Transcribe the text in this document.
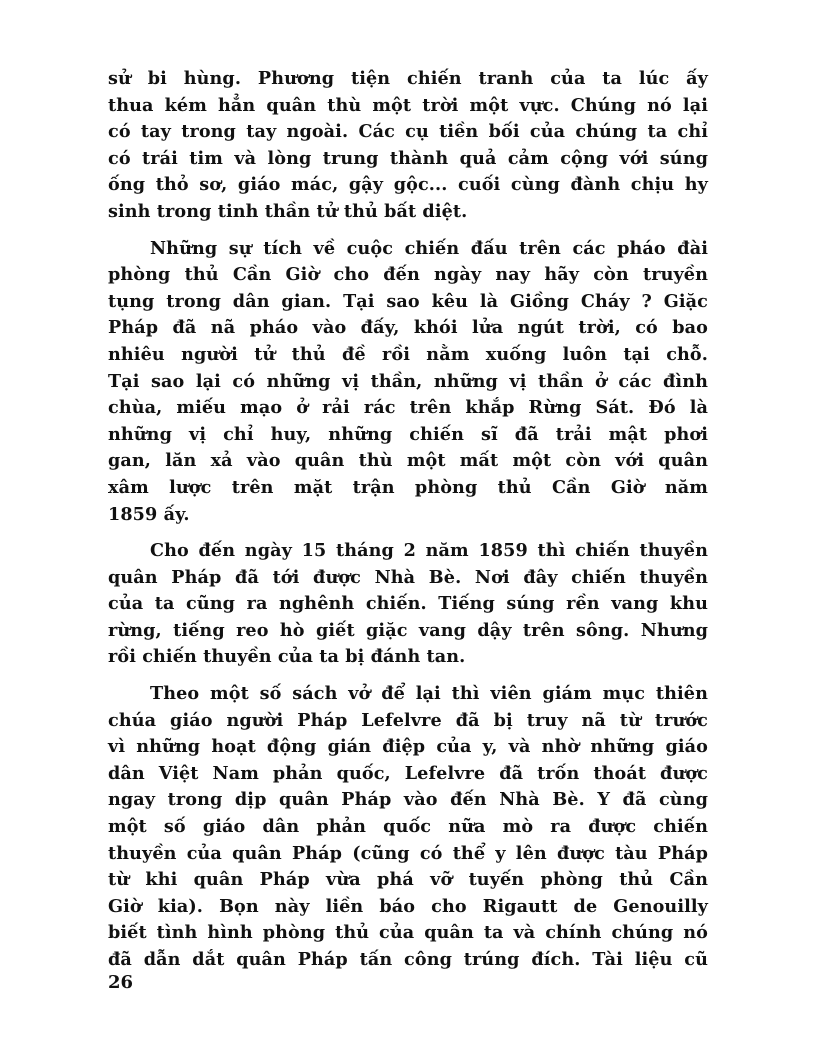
sử bi hùng. Phương tiện chiến tranh của ta lúc ấy
thua kém hẳn quân thù một trời một vực. Chúng nó lại
có tay trong tay ngoài. Các cụ tiền bối của chúng ta chỉ
có trái tim và lòng trung thành quả cảm cộng với súng
ống thỏ sơ, giáo mác, gậy gộc... cuối cùng đành chịu hy
sinh trong tinh thần tử thủ bất diệt.
Những sự tích về cuộc chiến đấu trên các pháo đài
phòng thủ Cần Giờ cho đến ngày nay hãy còn truyền
tụng trong dân gian. Tại sao kêu là Giồng Cháy ? Giặc
Pháp đã nã pháo vào đấy, khói lửa ngút trời, có bao
nhiêu người tử thủ đề rồi nằm xuống luôn tại chỗ.
Tại sao lại có những vị thần, những vị thần ở các đình
chùa, miếu mạo ở rải rác trên khắp Rừng Sát. Đó là
những vị chỉ huy, những chiến sĩ đã trải mật phơi
gan, lăn xả vào quân thù một mất một còn với quân
xâm lược trên mặt trận phòng thủ Cần Giờ năm
1859 ấy.
Cho đến ngày 15 tháng 2 năm 1859 thì chiến thuyền
quân Pháp đã tới được Nhà Bè. Nơi đây chiến thuyền
của ta cũng ra nghênh chiến. Tiếng súng rền vang khu
rừng, tiếng reo hò giết giặc vang dậy trên sông. Nhưng
rồi chiến thuyền của ta bị đánh tan.
Theo một số sách vở để lại thì viên giám mục thiên
chúa giáo người Pháp Lefelvre đã bị truy nã từ trước
vì những hoạt động gián điệp của y, và nhờ những giáo
dân Việt Nam phản quốc, Lefelvre đã trốn thoát được
ngay trong dịp quân Pháp vào đến Nhà Bè. Y đã cùng
một số giáo dân phản quốc nữa mò ra được chiến
thuyền của quân Pháp (cũng có thể y lên được tàu Pháp
từ khi quân Pháp vừa phá vỡ tuyến phòng thủ Cần
Giờ kia). Bọn này liền báo cho Rigautt de Genouilly
biết tình hình phòng thủ của quân ta và chính chúng nó
đã dẫn dắt quân Pháp tấn công trúng đích. Tài liệu cũ
26
